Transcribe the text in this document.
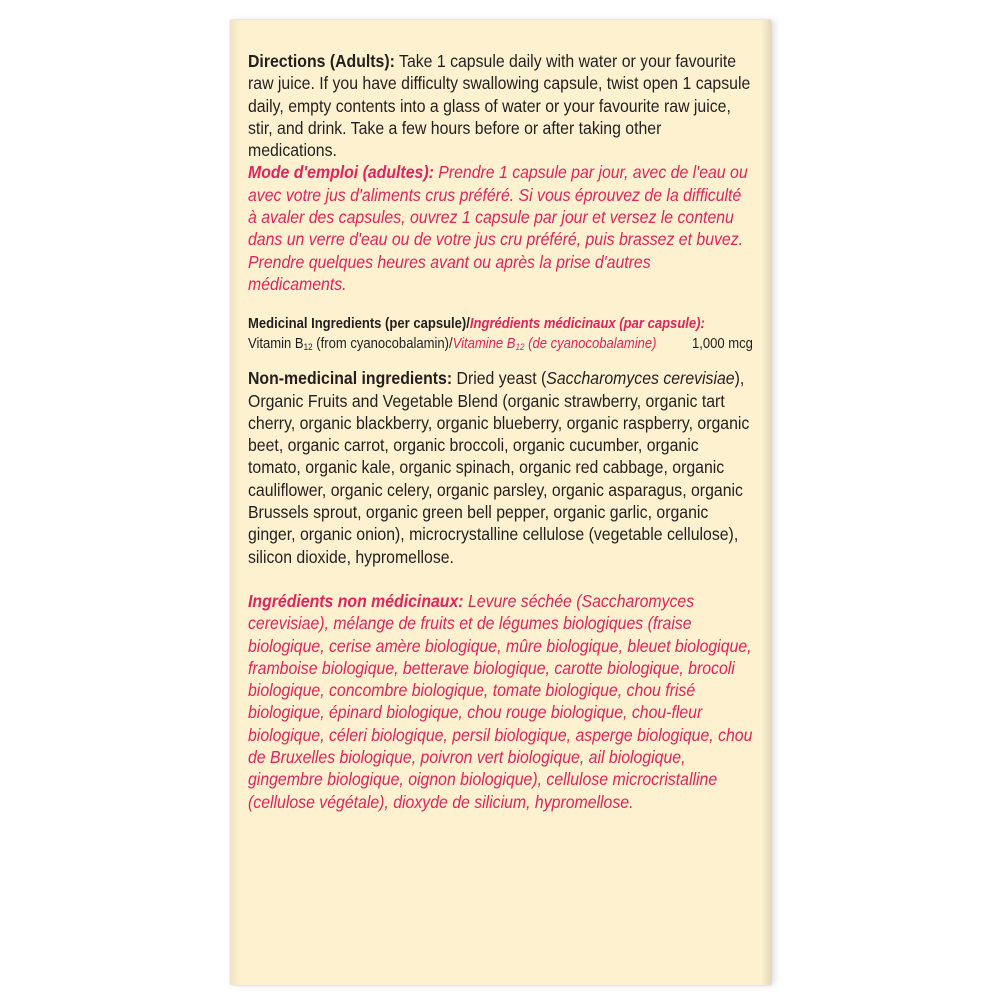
Directions (Adults): Take 1 capsule daily with water or your favourite raw juice. If you have difficulty swallowing capsule, twist open 1 capsule daily, empty contents into a glass of water or your favourite raw juice, stir, and drink. Take a few hours before or after taking other medications.

Mode d'emploi (adultes): Prendre 1 capsule par jour, avec de l'eau ou avec votre jus d'aliments crus préféré. Si vous éprouvez de la difficulté à avaler des capsules, ouvrez 1 capsule par jour et versez le contenu dans un verre d'eau ou de votre jus cru préféré, puis brassez et buvez. Prendre quelques heures avant ou après la prise d'autres médicaments.

Medicinal Ingredients (per capsule)/Ingrédients médicinaux (par capsule):
Vitamin $B_{12}$ (from cyanocobalamin)/Vitamine $B_{12}$ (de cyanocobalamine) 1,000 mcg

Non-medicinal ingredients: Dried yeast (Saccharomyces cerevisiae), Organic Fruits and Vegetable Blend (organic strawberry, organic tart cherry, organic blackberry, organic blueberry, organic raspberry, organic beet, organic carrot, organic broccoli, organic cucumber, organic tomato, organic kale, organic spinach, organic red cabbage, organic cauliflower, organic celery, organic parsley, organic asparagus, organic Brussels sprout, organic green bell pepper, organic garlic, organic ginger, organic onion), microcrystalline cellulose (vegetable cellulose), silicon dioxide, hypromellose.

Ingrédients non médicinaux: Levure séchée (Saccharomyces cerevisiae), mélange de fruits et de légumes biologiques (fraise biologique, cerise amère biologique, mûre biologique, bleuet biologique, framboise biologique, betterave biologique, carotte biologique, brocoli biologique, concombre biologique, tomate biologique, chou frisé biologique, épinard biologique, chou rouge biologique, chou-fleur biologique, céleri biologique, persil biologique, asperge biologique, chou de Bruxelles biologique, poivron vert biologique, ail biologique, gingembre biologique, oignon biologique), cellulose microcristalline (cellulose végétale), dioxyde de silicium, hypromellose.
